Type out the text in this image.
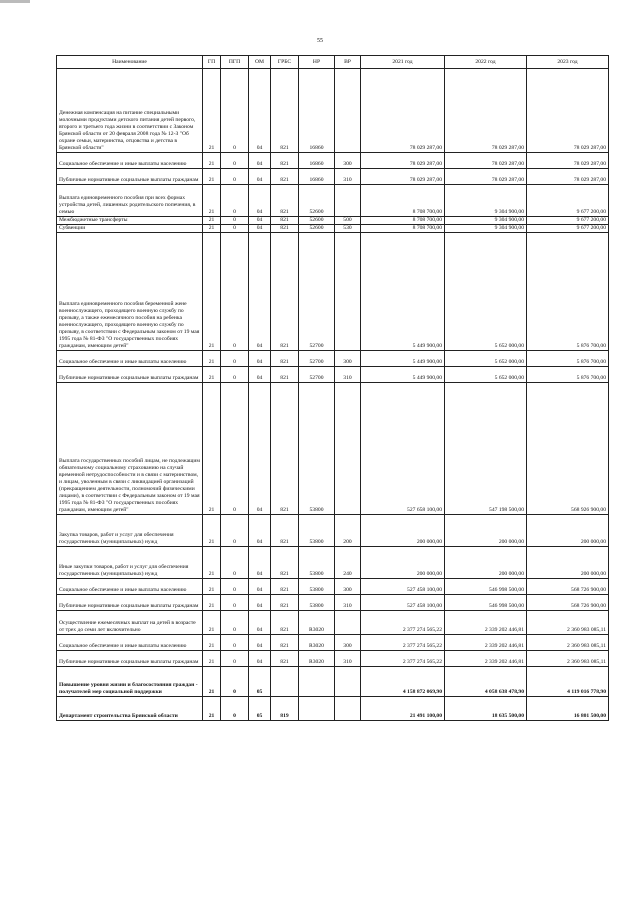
55
Наименование	ГП	ПГП	ОМ	ГРБС	НР	ВР	2021 год	2022 год	2023 год
Денежная компенсация на питание специальными молочными продуктами детского питания детей первого, второго и третьего года жизни в соответствии с Законом Брянской области от 20 февраля 2008 года № 12-З "Об охране семьи, материнства, отцовства и детства в Брянской области"	21	0	04	821	16860		78 029 287,00	78 029 287,00	78 029 287,00
Социальное обеспечение и иные выплаты населению	21	0	04	821	16860	300	78 029 287,00	78 029 287,00	78 029 287,00
Публичные нормативные социальные выплаты гражданам	21	0	04	821	16860	310	78 029 287,00	78 029 287,00	78 029 287,00
Выплата единовременного пособия при всех формах устройства детей, лишенных родительского попечения, в семью	21	0	04	821	52600		8 708 700,00	9 304 900,00	9 677 200,00
Межбюджетные трансферты	21	0	04	821	52600	500	8 708 700,00	9 304 900,00	9 677 200,00
Субвенции	21	0	04	821	52600	530	8 708 700,00	9 304 900,00	9 677 200,00
Выплата единовременного пособия беременной жене военнослужащего, проходящего военную службу по призыву, а также ежемесячного пособия на ребенка военнослужащего, проходящего военную службу по призыву, в соответствии с Федеральным законом от 19 мая 1995 года № 81-ФЗ "О государственных пособиях гражданам, имеющим детей"	21	0	04	821	52700		5 449 900,00	5 652 000,00	5 876 700,00
Социальное обеспечение и иные выплаты населению	21	0	04	821	52700	300	5 449 900,00	5 652 000,00	5 876 700,00
Публичные нормативные социальные выплаты гражданам	21	0	04	821	52700	310	5 449 900,00	5 652 000,00	5 876 700,00
Выплата государственных пособий лицам, не подлежащим обязательному социальному страхованию на случай временной нетрудоспособности и в связи с материнством, и лицам, уволенным в связи с ликвидацией организаций (прекращением деятельности, полномочий физическими лицами), в соответствии с Федеральным законом от 19 мая 1995 года № 81-ФЗ "О государственных пособиях гражданам, имеющим детей"	21	0	04	821	53800		527 658 100,00	547 198 500,00	568 926 900,00
Закупка товаров, работ и услуг для обеспечения государственных (муниципальных) нужд	21	0	04	821	53800	200	200 000,00	200 000,00	200 000,00
Иные закупки товаров, работ и услуг для обеспечения государственных (муниципальных) нужд	21	0	04	821	53800	240	200 000,00	200 000,00	200 000,00
Социальное обеспечение и иные выплаты населению	21	0	04	821	53800	300	527 458 100,00	546 998 500,00	568 726 900,00
Публичные нормативные социальные выплаты гражданам	21	0	04	821	53800	310	527 458 100,00	546 998 500,00	568 726 900,00
Осуществление ежемесячных выплат на детей в возрасте от трех до семи лет включительно	21	0	04	821	R3020		2 377 274 565,22	2 339 202 446,81	2 360 983 085,11
Социальное обеспечение и иные выплаты населению	21	0	04	821	R3020	300	2 377 274 565,22	2 339 202 446,81	2 360 983 085,11
Публичные нормативные социальные выплаты гражданам	21	0	04	821	R3020	310	2 377 274 565,22	2 339 202 446,81	2 360 983 085,11
Повышение уровня жизни и благосостояния граждан - получателей мер социальной поддержки	21	0	05				4 158 872 069,90	4 058 638 478,90	4 119 016 778,90
Департамент строительства Брянской области	21	0	05	819			21 491 100,00	18 635 500,00	16 801 500,00
